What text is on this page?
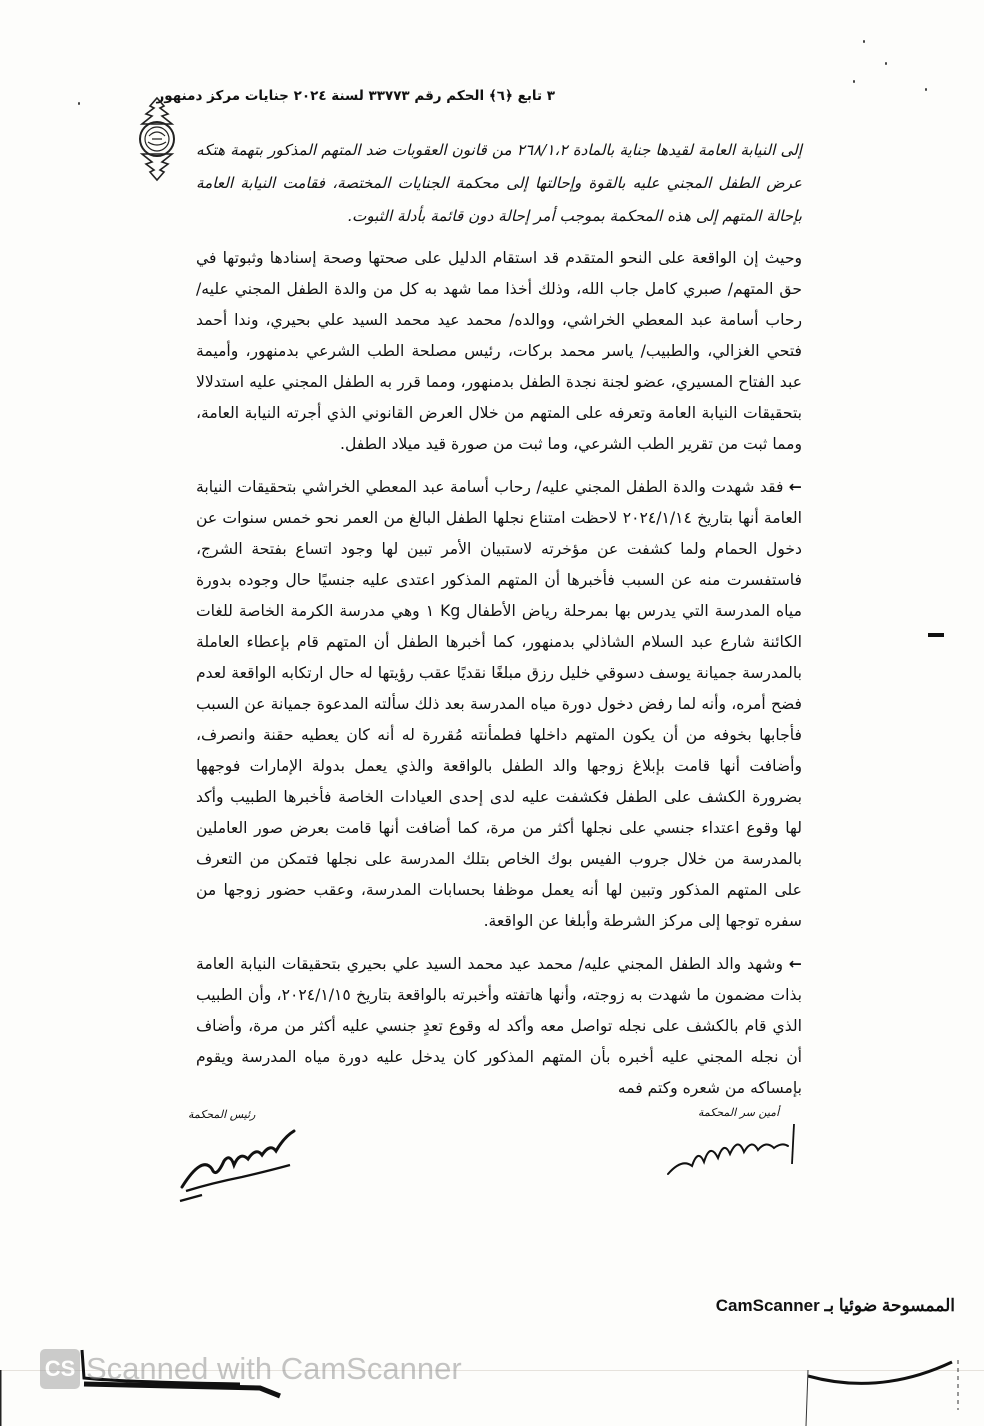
٣ تابع ﴿٦﴾ الحكم رقم ٣٣٧٧٣ لسنة ٢٠٢٤ جنايات مركز دمنهور

إلى النيابة العامة لقيدها جناية بالمادة ٢٦٨/١،٢ من قانون العقوبات ضد المتهم المذكور بتهمة هتكه عرض الطفل المجني عليه بالقوة وإحالتها إلى محكمة الجنايات المختصة، فقامت النيابة العامة بإحالة المتهم إلى هذه المحكمة بموجب أمر إحالة دون قائمة بأدلة الثبوت.

وحيث إن الواقعة على النحو المتقدم قد استقام الدليل على صحتها وصحة إسنادها وثبوتها في حق المتهم/ صبري كامل جاب الله، وذلك أخذا مما شهد به كل من والدة الطفل المجني عليه/ رحاب أسامة عبد المعطي الخراشي، ووالده/ محمد عيد محمد السيد علي بحيري، وندا أحمد فتحي الغزالي، والطبيب/ ياسر محمد بركات، رئيس مصلحة الطب الشرعي بدمنهور، وأميمة عبد الفتاح المسيري، عضو لجنة نجدة الطفل بدمنهور، ومما قرر به الطفل المجني عليه استدلالا بتحقيقات النيابة العامة وتعرفه على المتهم من خلال العرض القانوني الذي أجرته النيابة العامة، ومما ثبت من تقرير الطب الشرعي، وما ثبت من صورة قيد ميلاد الطفل.

← فقد شهدت والدة الطفل المجني عليه/ رحاب أسامة عبد المعطي الخراشي بتحقيقات النيابة العامة أنها بتاريخ ٢٠٢٤/١/١٤ لاحظت امتناع نجلها الطفل البالغ من العمر نحو خمس سنوات عن دخول الحمام ولما كشفت عن مؤخرته لاستبيان الأمر تبين لها وجود اتساع بفتحة الشرج، فاستفسرت منه عن السبب فأخبرها أن المتهم المذكور اعتدى عليه جنسيًا حال وجوده بدورة مياه المدرسة التي يدرس بها بمرحلة رياض الأطفال Kg ١ وهي مدرسة الكرمة الخاصة للغات الكائنة شارع عبد السلام الشاذلي بدمنهور، كما أخبرها الطفل أن المتهم قام بإعطاء العاملة بالمدرسة جميانة يوسف دسوقي خليل رزق مبلغًا نقديًا عقب رؤيتها له حال ارتكابه الواقعة لعدم فضح أمره، وأنه لما رفض دخول دورة مياه المدرسة بعد ذلك سألته المدعوة جميانة عن السبب فأجابها بخوفه من أن يكون المتهم داخلها فطمأنته مُقررة له أنه كان يعطيه حقنة وانصرف، وأضافت أنها قامت بإبلاغ زوجها والد الطفل بالواقعة والذي يعمل بدولة الإمارات فوجهها بضرورة الكشف على الطفل فكشفت عليه لدى إحدى العيادات الخاصة فأخبرها الطبيب وأكد لها وقوع اعتداء جنسي على نجلها أكثر من مرة، كما أضافت أنها قامت بعرض صور العاملين بالمدرسة من خلال جروب الفيس بوك الخاص بتلك المدرسة على نجلها فتمكن من التعرف على المتهم المذكور وتبين لها أنه يعمل موظفا بحسابات المدرسة، وعقب حضور زوجها من سفره توجها إلى مركز الشرطة وأبلغا عن الواقعة.

← وشهد والد الطفل المجني عليه/ محمد عيد محمد السيد علي بحيري بتحقيقات النيابة العامة بذات مضمون ما شهدت به زوجته، وأنها هاتفته وأخبرته بالواقعة بتاريخ ٢٠٢٤/١/١٥، وأن الطبيب الذي قام بالكشف على نجله تواصل معه وأكد له وقوع تعدٍ جنسي عليه أكثر من مرة، وأضاف أن نجله المجني عليه أخبره بأن المتهم المذكور كان يدخل عليه دورة مياه المدرسة ويقوم بإمساكه من شعره وكتم فمه

رئيس المحكمة	أمين سر المحكمة
الممسوحة ضوئيا بـ CamScanner
CS Scanned with CamScanner
